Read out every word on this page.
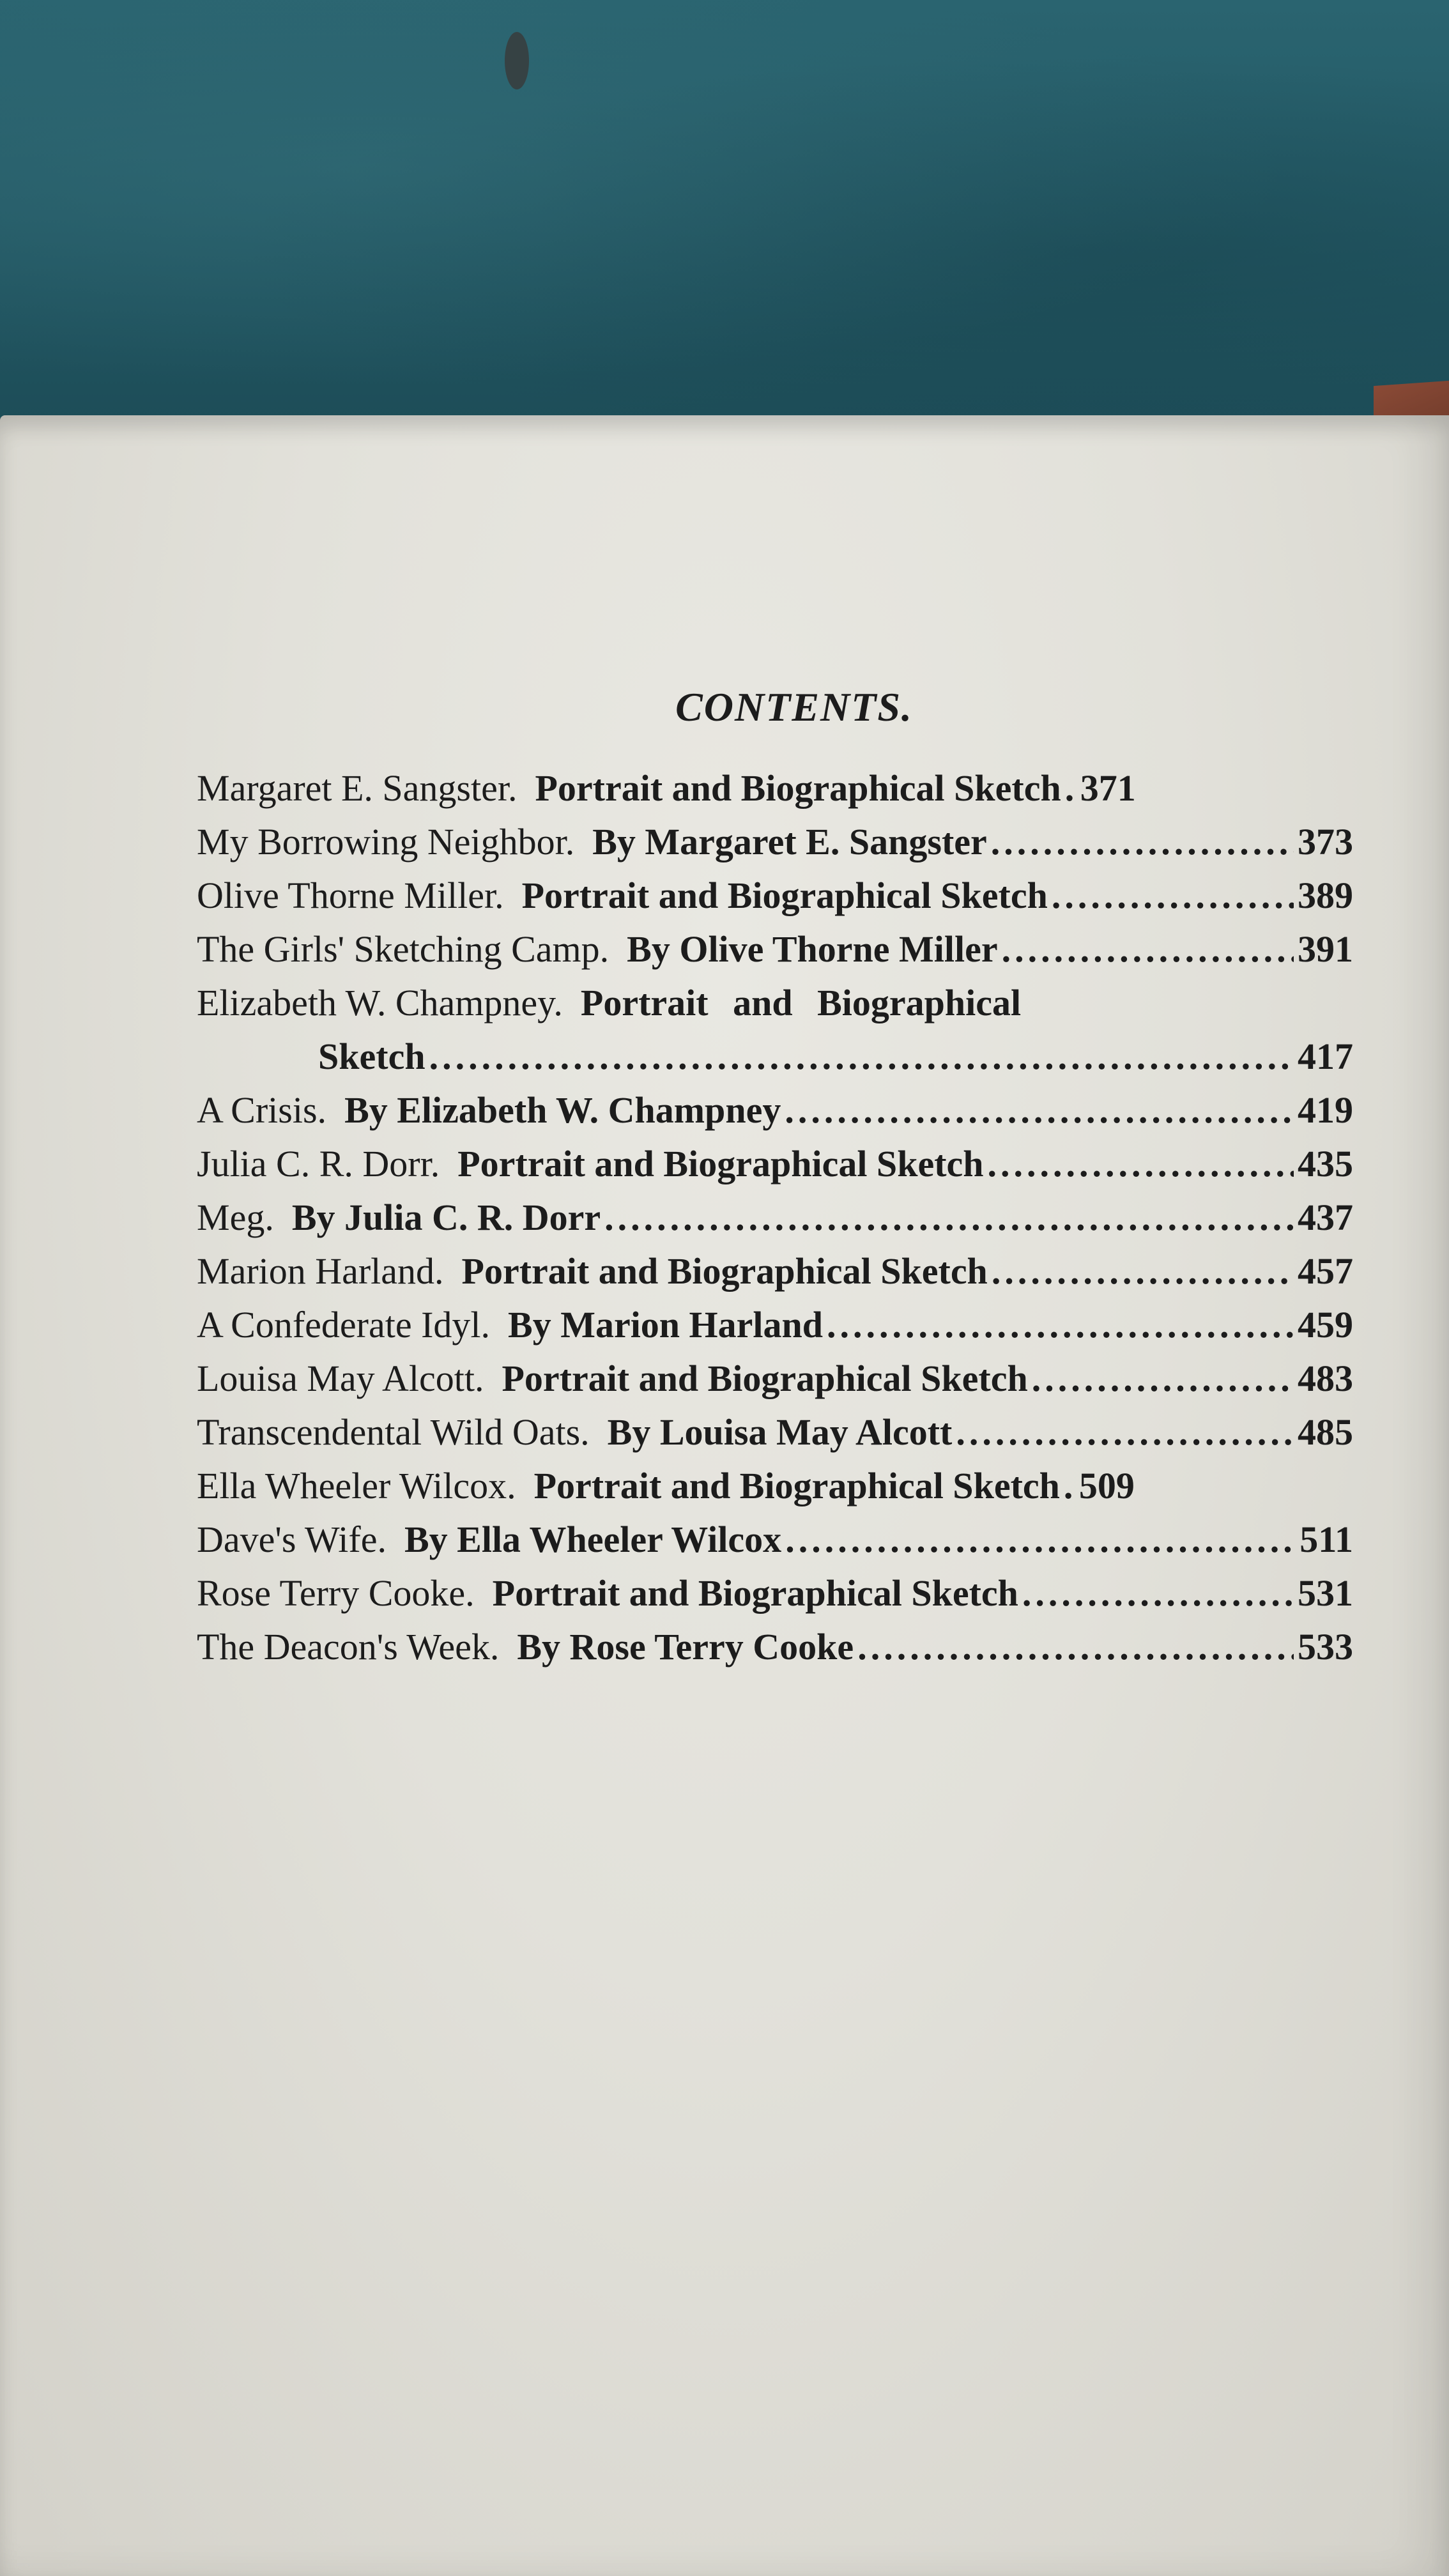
CONTENTS.
Margaret E. Sangster. Portrait and Biographical Sketch ..... 371
My Borrowing Neighbor. By Margaret E. Sangster .....	373
Olive Thorne Miller. Portrait and Biographical Sketch .....	389
The Girls' Sketching Camp. By Olive Thorne Miller .....	391
Elizabeth W. Champney. Portrait and Biographical
Sketch .....	417
A Crisis. By Elizabeth W. Champney .....	419
Julia C. R. Dorr. Portrait and Biographical Sketch .....	435
Meg. By Julia C. R. Dorr .....	437
Marion Harland. Portrait and Biographical Sketch .....	457
A Confederate Idyl. By Marion Harland .....	459
Louisa May Alcott. Portrait and Biographical Sketch .....	483
Transcendental Wild Oats. By Louisa May Alcott .....	485
Ella Wheeler Wilcox. Portrait and Biographical Sketch ..... 509
Dave's Wife. By Ella Wheeler Wilcox .....	511
Rose Terry Cooke. Portrait and Biographical Sketch .....	531
The Deacon's Week. By Rose Terry Cooke .....	533
